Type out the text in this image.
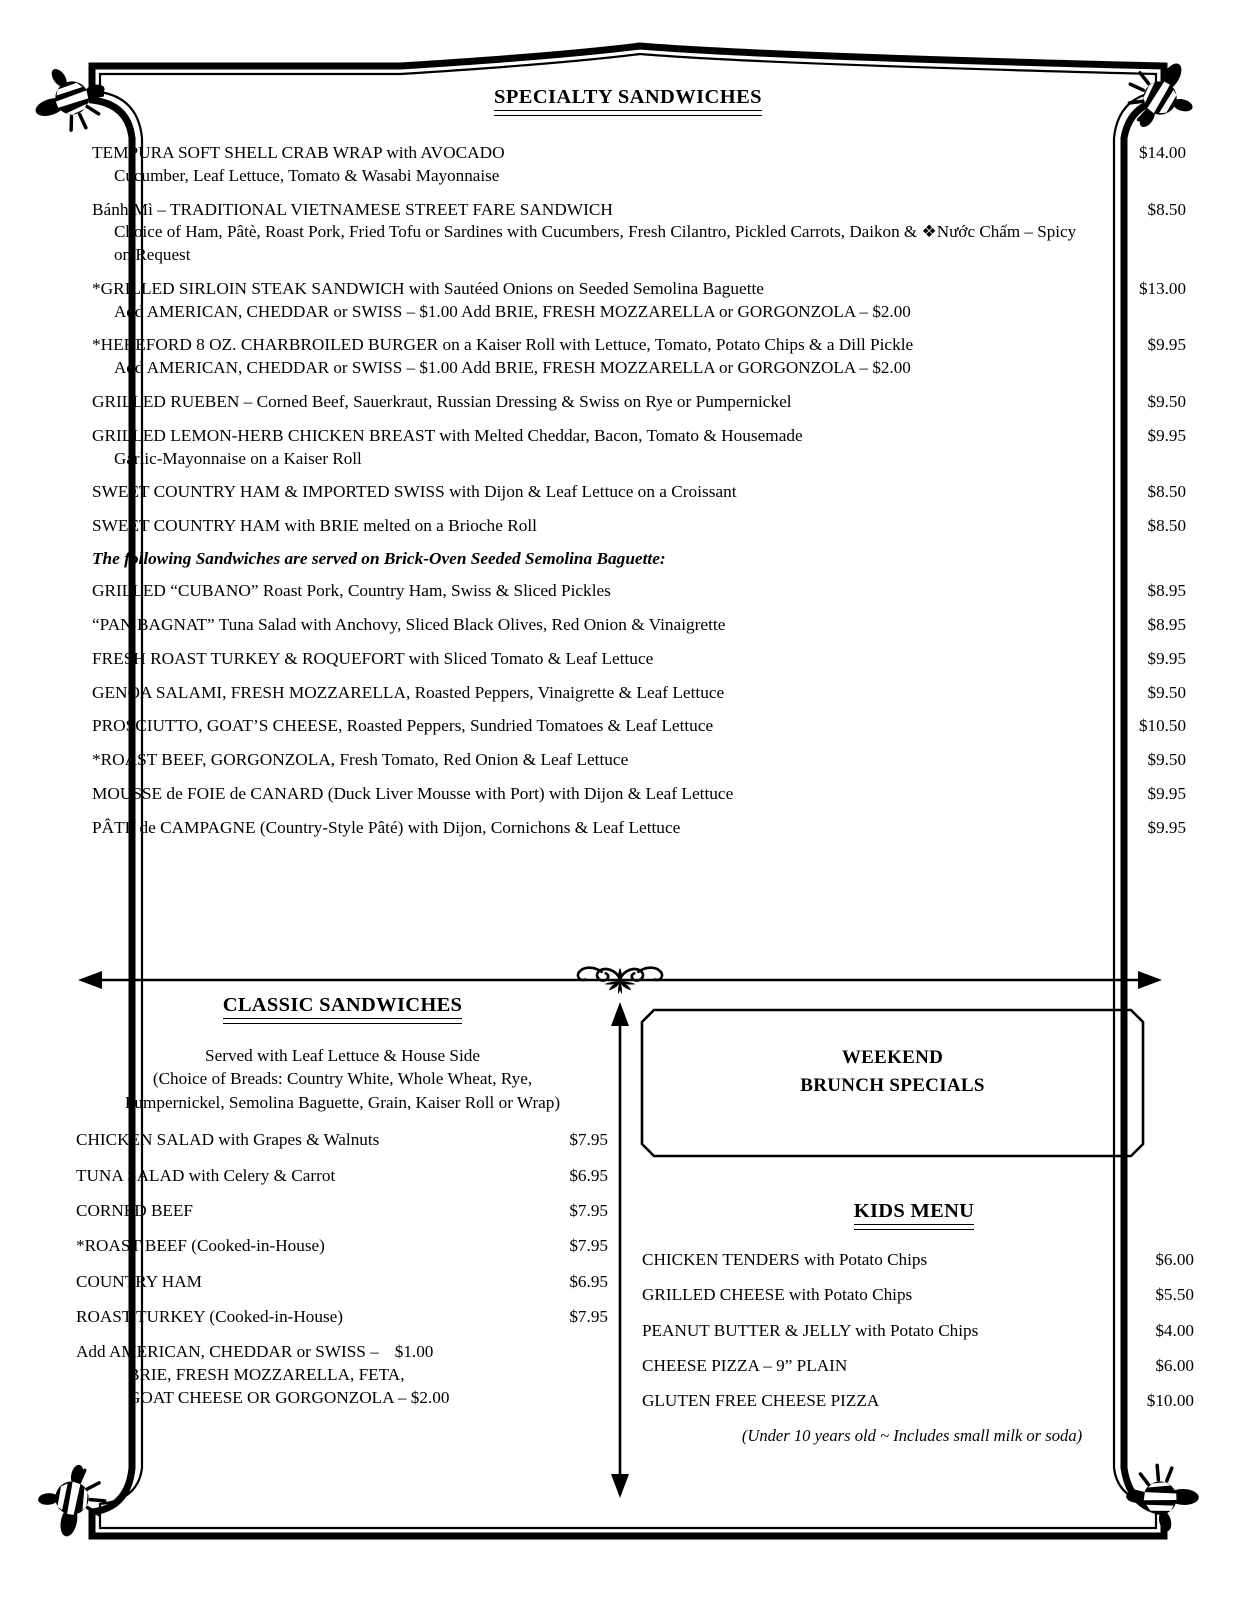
SPECIALTY SANDWICHES
TEMPURA SOFT SHELL CRAB WRAP with AVOCADO	$14.00
Cucumber, Leaf Lettuce, Tomato & Wasabi Mayonnaise
Bánh Mì – TRADITIONAL VIETNAMESE STREET FARE SANDWICH	$8.50
Choice of Ham, Pâtè, Roast Pork, Fried Tofu or Sardines with Cucumbers, Fresh Cilantro, Pickled Carrots, Daikon & ❖Nước Chấm – Spicy on Request
*GRILLED SIRLOIN STEAK SANDWICH with Sautéed Onions on Seeded Semolina Baguette	$13.00
Add AMERICAN, CHEDDAR or SWISS – $1.00 Add BRIE, FRESH MOZZARELLA or GORGONZOLA – $2.00
*HEREFORD 8 OZ. CHARBROILED BURGER on a Kaiser Roll with Lettuce, Tomato, Potato Chips & a Dill Pickle	$9.95
Add AMERICAN, CHEDDAR or SWISS – $1.00 Add BRIE, FRESH MOZZARELLA or GORGONZOLA – $2.00
GRILLED RUEBEN – Corned Beef, Sauerkraut, Russian Dressing & Swiss on Rye or Pumpernickel	$9.50
GRILLED LEMON-HERB CHICKEN BREAST with Melted Cheddar, Bacon, Tomato & Housemade	$9.95
Garlic-Mayonnaise on a Kaiser Roll
SWEET COUNTRY HAM & IMPORTED SWISS with Dijon & Leaf Lettuce on a Croissant	$8.50
SWEET COUNTRY HAM with BRIE melted on a Brioche Roll	$8.50
The following Sandwiches are served on Brick-Oven Seeded Semolina Baguette:
GRILLED “CUBANO” Roast Pork, Country Ham, Swiss & Sliced Pickles	$8.95
“PAN BAGNAT” Tuna Salad with Anchovy, Sliced Black Olives, Red Onion & Vinaigrette	$8.95
FRESH ROAST TURKEY & ROQUEFORT with Sliced Tomato & Leaf Lettuce	$9.95
GENOA SALAMI, FRESH MOZZARELLA, Roasted Peppers, Vinaigrette & Leaf Lettuce	$9.50
PROSCIUTTO, GOAT’S CHEESE, Roasted Peppers, Sundried Tomatoes & Leaf Lettuce	$10.50
*ROAST BEEF, GORGONZOLA, Fresh Tomato, Red Onion & Leaf Lettuce	$9.50
MOUSSE de FOIE de CANARD (Duck Liver Mousse with Port) with Dijon & Leaf Lettuce	$9.95
PÂTÉ de CAMPAGNE (Country-Style Pâté) with Dijon, Cornichons & Leaf Lettuce	$9.95
CLASSIC SANDWICHES
Served with Leaf Lettuce & House Side
(Choice of Breads: Country White, Whole Wheat, Rye,
Pumpernickel, Semolina Baguette, Grain, Kaiser Roll or Wrap)
CHICKEN SALAD with Grapes & Walnuts	$7.95
TUNA SALAD with Celery & Carrot	$6.95
CORNED BEEF	$7.95
*ROAST BEEF (Cooked-in-House)	$7.95
COUNTRY HAM	$6.95
ROAST TURKEY (Cooked-in-House)	$7.95
Add AMERICAN, CHEDDAR or SWISS – $1.00
BRIE, FRESH MOZZARELLA, FETA,
GOAT CHEESE OR GORGONZOLA – $2.00
WEEKEND
BRUNCH SPECIALS
KIDS MENU
CHICKEN TENDERS with Potato Chips	$6.00
GRILLED CHEESE with Potato Chips	$5.50
PEANUT BUTTER & JELLY with Potato Chips	$4.00
CHEESE PIZZA – 9” PLAIN	$6.00
GLUTEN FREE CHEESE PIZZA	$10.00
(Under 10 years old ~ Includes small milk or soda)
